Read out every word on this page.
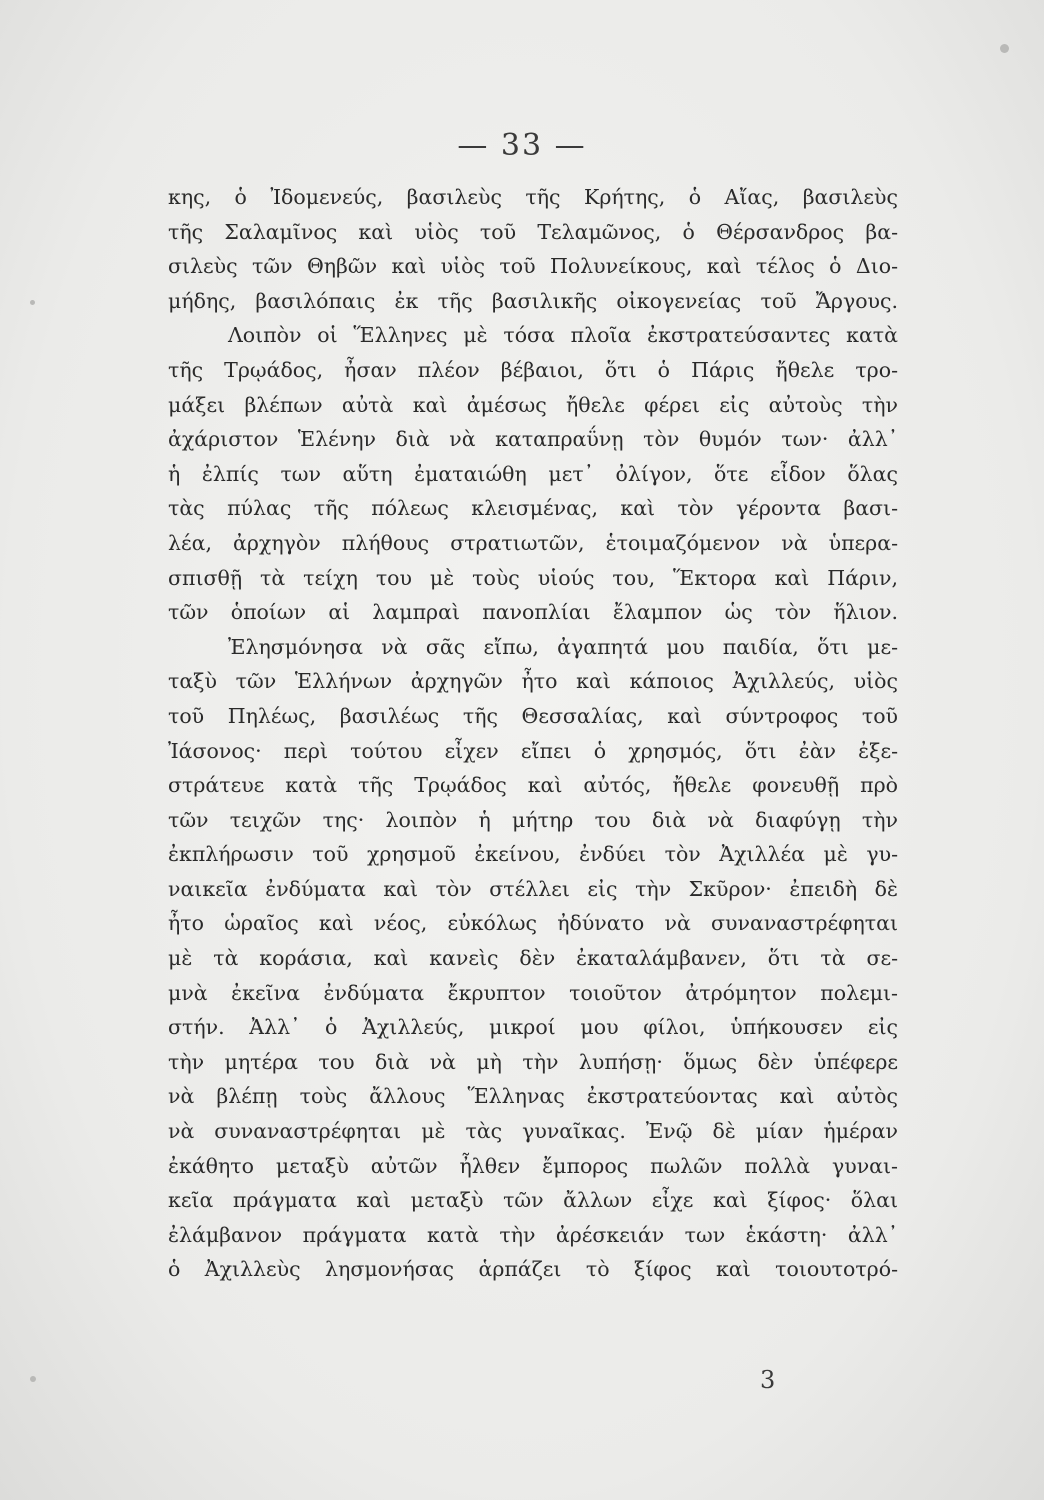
— 33 —
κης, ὁ Ἰδομενεύς, βασιλεὺς τῆς Κρήτης, ὁ Αἴας, βασιλεὺς
τῆς Σαλαμῖνος καὶ υἱὸς τοῦ Τελαμῶνος, ὁ Θέρσανδρος βα-
σιλεὺς τῶν Θηβῶν καὶ υἱὸς τοῦ Πολυνείκους, καὶ τέλος ὁ Διο-
μήδης, βασιλόπαις ἐκ τῆς βασιλικῆς οἰκογενείας τοῦ Ἄργους.
Λοιπὸν οἱ Ἕλληνες μὲ τόσα πλοῖα ἐκστρατεύσαντες κατὰ
τῆς Τρῳάδος, ἦσαν πλέον βέβαιοι, ὅτι ὁ Πάρις ἤθελε τρο-
μάξει βλέπων αὐτὰ καὶ ἀμέσως ἤθελε φέρει εἰς αὐτοὺς τὴν
ἀχάριστον Ἑλένην διὰ νὰ καταπραΰνῃ τὸν θυμόν των· ἀλλ᾽
ἡ ἐλπίς των αὕτη ἐματαιώθη μετ᾽ ὀλίγον, ὅτε εἶδον ὅλας
τὰς πύλας τῆς πόλεως κλεισμένας, καὶ τὸν γέροντα βασι-
λέα, ἀρχηγὸν πλήθους στρατιωτῶν, ἑτοιμαζόμενον νὰ ὑπερα-
σπισθῇ τὰ τείχη του μὲ τοὺς υἱούς του, Ἕκτορα καὶ Πάριν,
τῶν ὁποίων αἱ λαμπραὶ πανοπλίαι ἔλαμπον ὡς τὸν ἥλιον.
Ἐλησμόνησα νὰ σᾶς εἴπω, ἀγαπητά μου παιδία, ὅτι με-
ταξὺ τῶν Ἑλλήνων ἀρχηγῶν ἦτο καὶ κάποιος Ἀχιλλεύς, υἱὸς
τοῦ Πηλέως, βασιλέως τῆς Θεσσαλίας, καὶ σύντροφος τοῦ
Ἰάσονος· περὶ τούτου εἶχεν εἴπει ὁ χρησμός, ὅτι ἐὰν ἐξε-
στράτευε κατὰ τῆς Τρῳάδος καὶ αὐτός, ἤθελε φονευθῇ πρὸ
τῶν τειχῶν της· λοιπὸν ἡ μήτηρ του διὰ νὰ διαφύγῃ τὴν
ἐκπλήρωσιν τοῦ χρησμοῦ ἐκείνου, ἐνδύει τὸν Ἀχιλλέα μὲ γυ-
ναικεῖα ἐνδύματα καὶ τὸν στέλλει εἰς τὴν Σκῦρον· ἐπειδὴ δὲ
ἦτο ὡραῖος καὶ νέος, εὐκόλως ἠδύνατο νὰ συναναστρέφηται
μὲ τὰ κοράσια, καὶ κανεὶς δὲν ἐκαταλάμβανεν, ὅτι τὰ σε-
μνὰ ἐκεῖνα ἐνδύματα ἔκρυπτον τοιοῦτον ἀτρόμητον πολεμι-
στήν. Ἀλλ᾽ ὁ Ἀχιλλεύς, μικροί μου φίλοι, ὑπήκουσεν εἰς
τὴν μητέρα του διὰ νὰ μὴ τὴν λυπήσῃ· ὅμως δὲν ὑπέφερε
νὰ βλέπῃ τοὺς ἄλλους Ἕλληνας ἐκστρατεύοντας καὶ αὐτὸς
νὰ συναναστρέφηται μὲ τὰς γυναῖκας. Ἐνῷ δὲ μίαν ἡμέραν
ἐκάθητο μεταξὺ αὐτῶν ἦλθεν ἔμπορος πωλῶν πολλὰ γυναι-
κεῖα πράγματα καὶ μεταξὺ τῶν ἄλλων εἶχε καὶ ξίφος· ὅλαι
ἐλάμβανον πράγματα κατὰ τὴν ἀρέσκειάν των ἑκάστη· ἀλλ᾽
ὁ Ἀχιλλεὺς λησμονήσας ἁρπάζει τὸ ξίφος καὶ τοιουτοτρό-
3
